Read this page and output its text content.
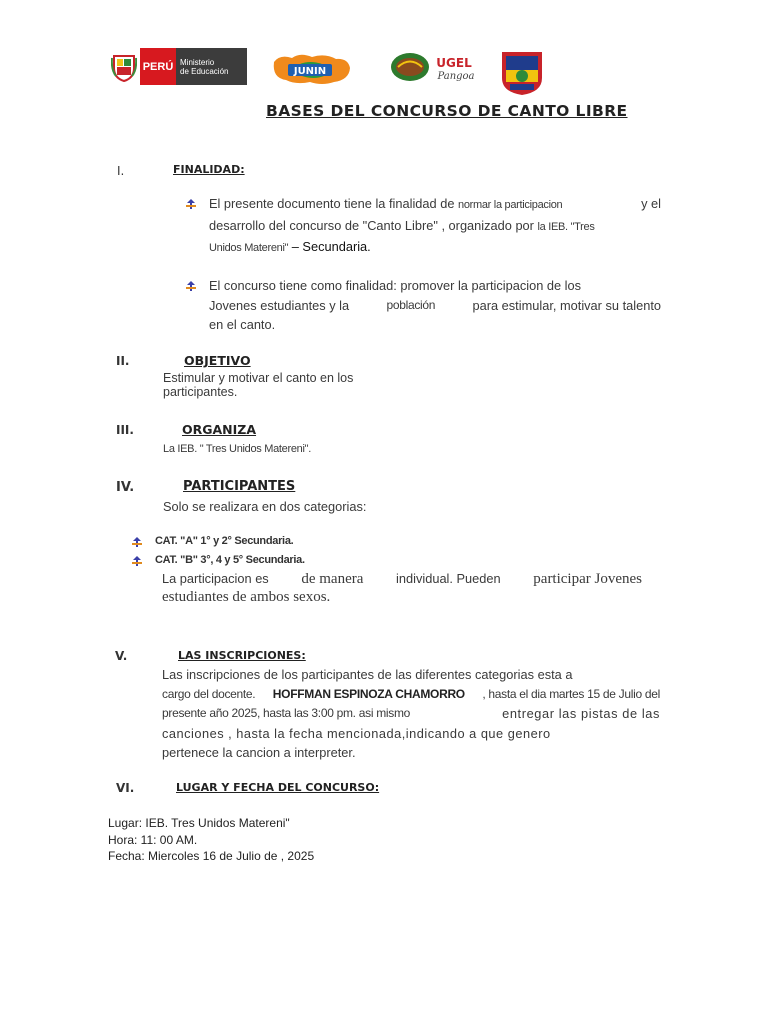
PERÚ Ministerio
de Educación	JUNIN
UGEL
Pangoa
BASES DEL CONCURSO DE CANTO LIBRE
I.	FINALIDAD:
El presente documento tiene la finalidad de normar la participacion	y el
desarrollo del concurso de "Canto Libre" , organizado por la IEB. "Tres
Unidos Matereni" – Secundaria.
El concurso tiene como finalidad: promover la participacion de los
Jovenes estudiantes y la	población	para estimular, motivar su talento
en el canto.
II.	OBJETIVO
Estimular y motivar el canto en los
participantes.
III.	ORGANIZA
La IEB. " Tres Unidos Matereni".
IV.	PARTICIPANTES
Solo se realizara en dos categorias:
CAT. "A" 1° y 2° Secundaria.
CAT. "B" 3°, 4 y 5° Secundaria.
La participacion es de manera	individual. Pueden participar Jovenes
estudiantes de ambos sexos.
V.	LAS INSCRIPCIONES:
Las inscripciones de los participantes de las diferentes categorias esta a
cargo del docente. HOFFMAN ESPINOZA CHAMORRO , hasta el dia martes 15 de Julio del
presente año 2025, hasta las 3:00 pm. asi mismo	entregar las pistas de las
canciones , hasta la fecha mencionada,indicando a que genero
pertenece la cancion a interpreter.
VI.	LUGAR Y FECHA DEL CONCURSO:
Lugar: IEB. Tres Unidos Matereni"
Hora: 11: 00 AM.
Fecha: Miercoles 16 de Julio de , 2025
